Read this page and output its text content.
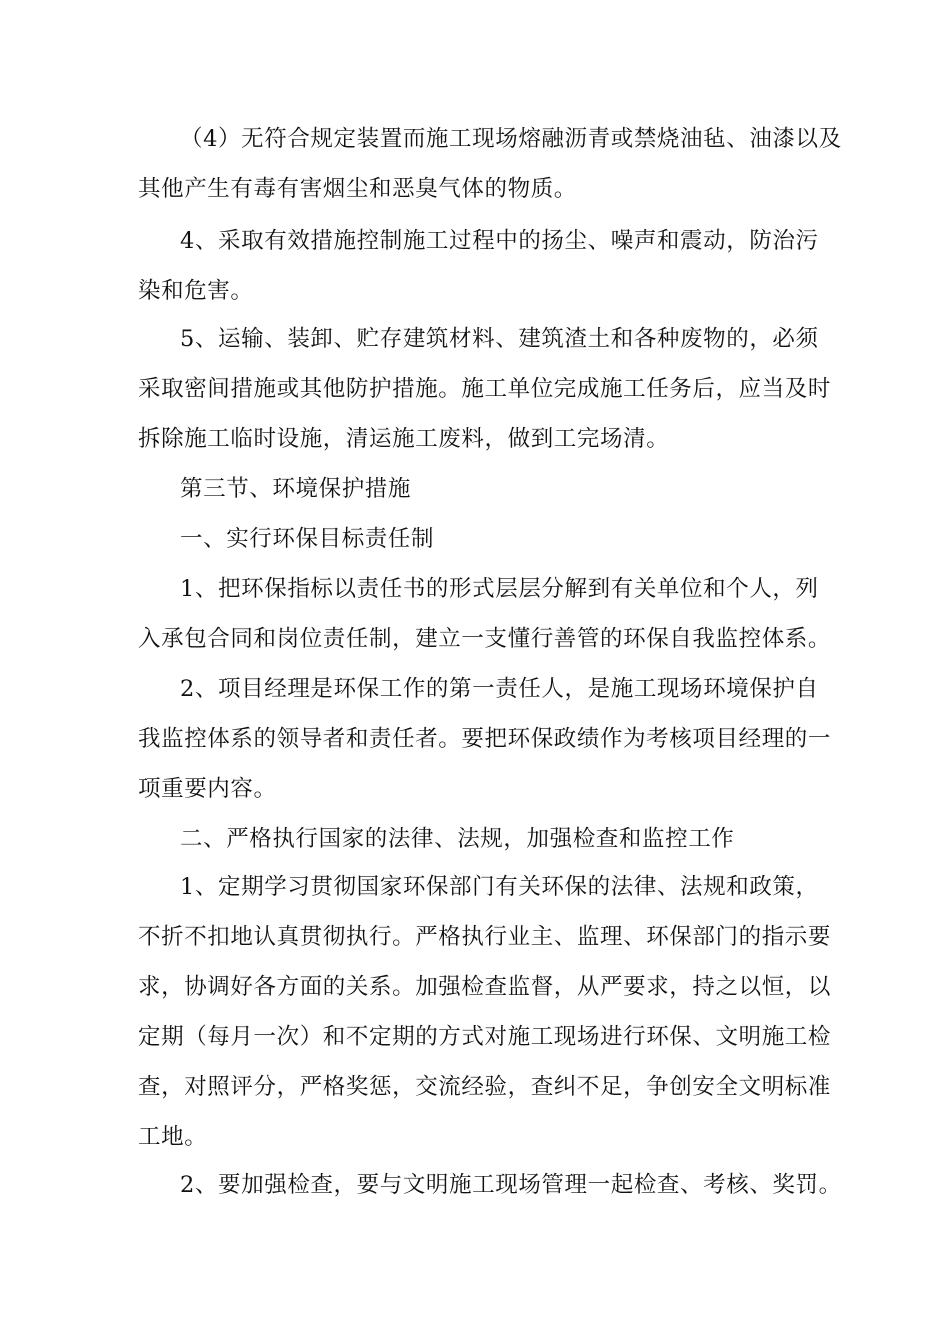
（4）无符合规定装置而施工现场熔融沥青或禁烧油毡、油漆以及
其他产生有毒有害烟尘和恶臭气体的物质。
4、采取有效措施控制施工过程中的扬尘、噪声和震动，防治污
染和危害。
5、运输、装卸、贮存建筑材料、建筑渣土和各种废物的，必须
采取密间措施或其他防护措施。施工单位完成施工任务后，应当及时
拆除施工临时设施，清运施工废料，做到工完场清。
第三节、环境保护措施
一、实行环保目标责任制
1、把环保指标以责任书的形式层层分解到有关单位和个人，列
入承包合同和岗位责任制，建立一支懂行善管的环保自我监控体系。
2、项目经理是环保工作的第一责任人，是施工现场环境保护自
我监控体系的领导者和责任者。要把环保政绩作为考核项目经理的一
项重要内容。
二、严格执行国家的法律、法规，加强检查和监控工作
1、定期学习贯彻国家环保部门有关环保的法律、法规和政策，
不折不扣地认真贯彻执行。严格执行业主、监理、环保部门的指示要
求，协调好各方面的关系。加强检查监督，从严要求，持之以恒，以
定期（每月一次）和不定期的方式对施工现场进行环保、文明施工检
查，对照评分，严格奖惩，交流经验，查纠不足，争创安全文明标准
工地。
2、要加强检查，要与文明施工现场管理一起检查、考核、奖罚。
